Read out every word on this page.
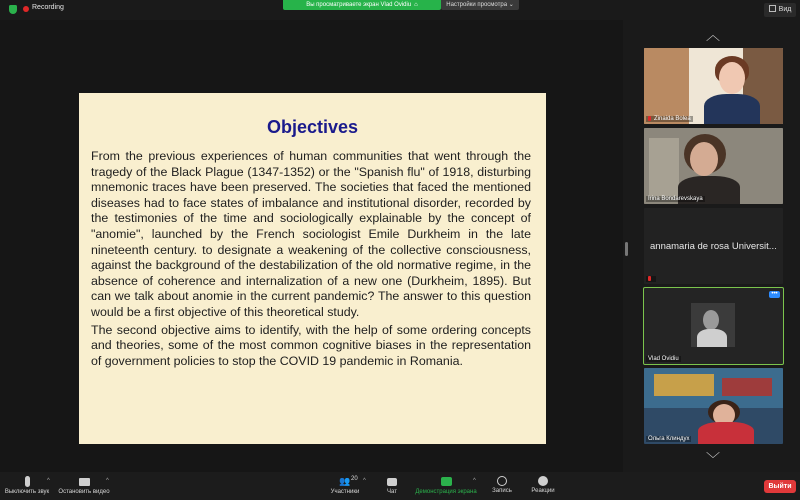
Recording	Вы просматриваете экран Vlad Ovidiu ⌂	Настройки просмотра ⌄
Вид
Objectives

From the previous experiences of human communities that went through the tragedy of the Black Plague (1347-1352) or the "Spanish flu" of 1918, disturbing mnemonic traces have been preserved. The societies that faced the mentioned diseases had to face states of imbalance and institutional disorder, recorded by the testimonies of the time and sociologically explainable by the concept of "anomie", launched by the French sociologist Emile Durkheim in the late nineteenth century. to designate a weakening of the collective consciousness, against the background of the destabilization of the old normative regime, in the absence of coherence and internalization of a new one (Durkheim, 1895). But can we talk about anomie in the current pandemic? The answer to this question would be a first objective of this theoretical study.

The second objective aims to identify, with the help of some ordering concepts and theories, some of the most common cognitive biases in the representation of government policies to stop the COVID 19 pandemic in Romania.

︿
Zinaida Bolea
Irina Bondarevskaya
annamaria de rosa Universit...
•••
Vlad Ovidiu
Ольга Клиндух
﹀
Выключить звук
^
Остановить видео
^	👥 20
Участники
^
Чат	Демонстрация экрана
^
Запись	Реакции
Выйти
